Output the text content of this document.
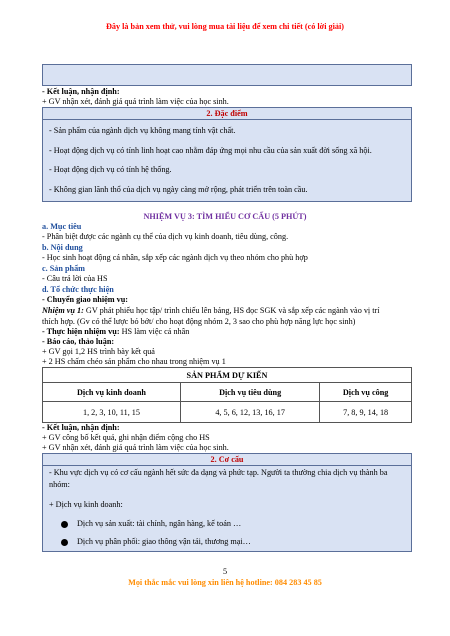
Đây là bản xem thử, vui lòng mua tài liệu để xem chi tiết (có lời giải)
- Kết luận, nhận định:
+ GV nhận xét, đánh giá quá trình làm việc của học sinh.
2. Đặc điểm
- Sản phẩm của ngành dịch vụ không mang tính vật chất.
- Hoạt động dịch vụ có tính linh hoạt cao nhằm đáp ứng mọi nhu cầu của sản xuất đời sống xã hội.
- Hoạt động dịch vụ có tính hệ thống.
- Không gian lãnh thổ của dịch vụ ngày càng mở rộng, phát triển trên toàn cầu.
NHIỆM VỤ 3: TÌM HIỂU CƠ CẤU (5 PHÚT)
a. Mục tiêu
- Phân biệt được các ngành cụ thể của dịch vụ kinh doanh, tiêu dùng, công.
b. Nội dung
- Học sinh hoạt động cá nhân, sắp xếp các ngành dịch vụ theo nhóm cho phù hợp
c. Sản phẩm
- Câu trả lời của HS
d. Tổ chức thực hiện
- Chuyển giao nhiệm vụ:
Nhiệm vụ 1: GV phát phiếu học tập/ trình chiếu lên bảng, HS đọc SGK và sắp xếp các ngành vào vị trí
thích hợp. (Gv có thể lược bỏ bớt/ cho hoạt động nhóm 2, 3 sao cho phù hợp năng lực học sinh)
- Thực hiện nhiệm vụ: HS làm việc cá nhân
- Báo cáo, thảo luận:
+ GV gọi 1,2 HS trình bày kết quả
+ 2 HS chấm chéo sản phẩm cho nhau trong nhiệm vụ 1
SẢN PHẨM DỰ KIẾN		
Dịch vụ kinh doanh	Dịch vụ tiêu dùng	Dịch vụ công
1, 2, 3, 10, 11, 15	4, 5, 6, 12, 13, 16, 17	7, 8, 9, 14, 18
- Kết luận, nhận định:
+ GV công bố kết quả, ghi nhận điểm cộng cho HS
+ GV nhận xét, đánh giá quá trình làm việc của học sinh.
2. Cơ cấu
- Khu vực dịch vụ có cơ cấu ngành hết sức đa dạng và phức tạp. Người ta thường chia dịch vụ thành ba
nhóm:
+ Dịch vụ kinh doanh:
Dịch vụ sản xuất: tài chính, ngân hàng, kế toán …
Dịch vụ phân phối: giao thông vận tải, thương mại…
5
Mọi thắc mắc vui lòng xin liên hệ hotline: 084 283 45 85
